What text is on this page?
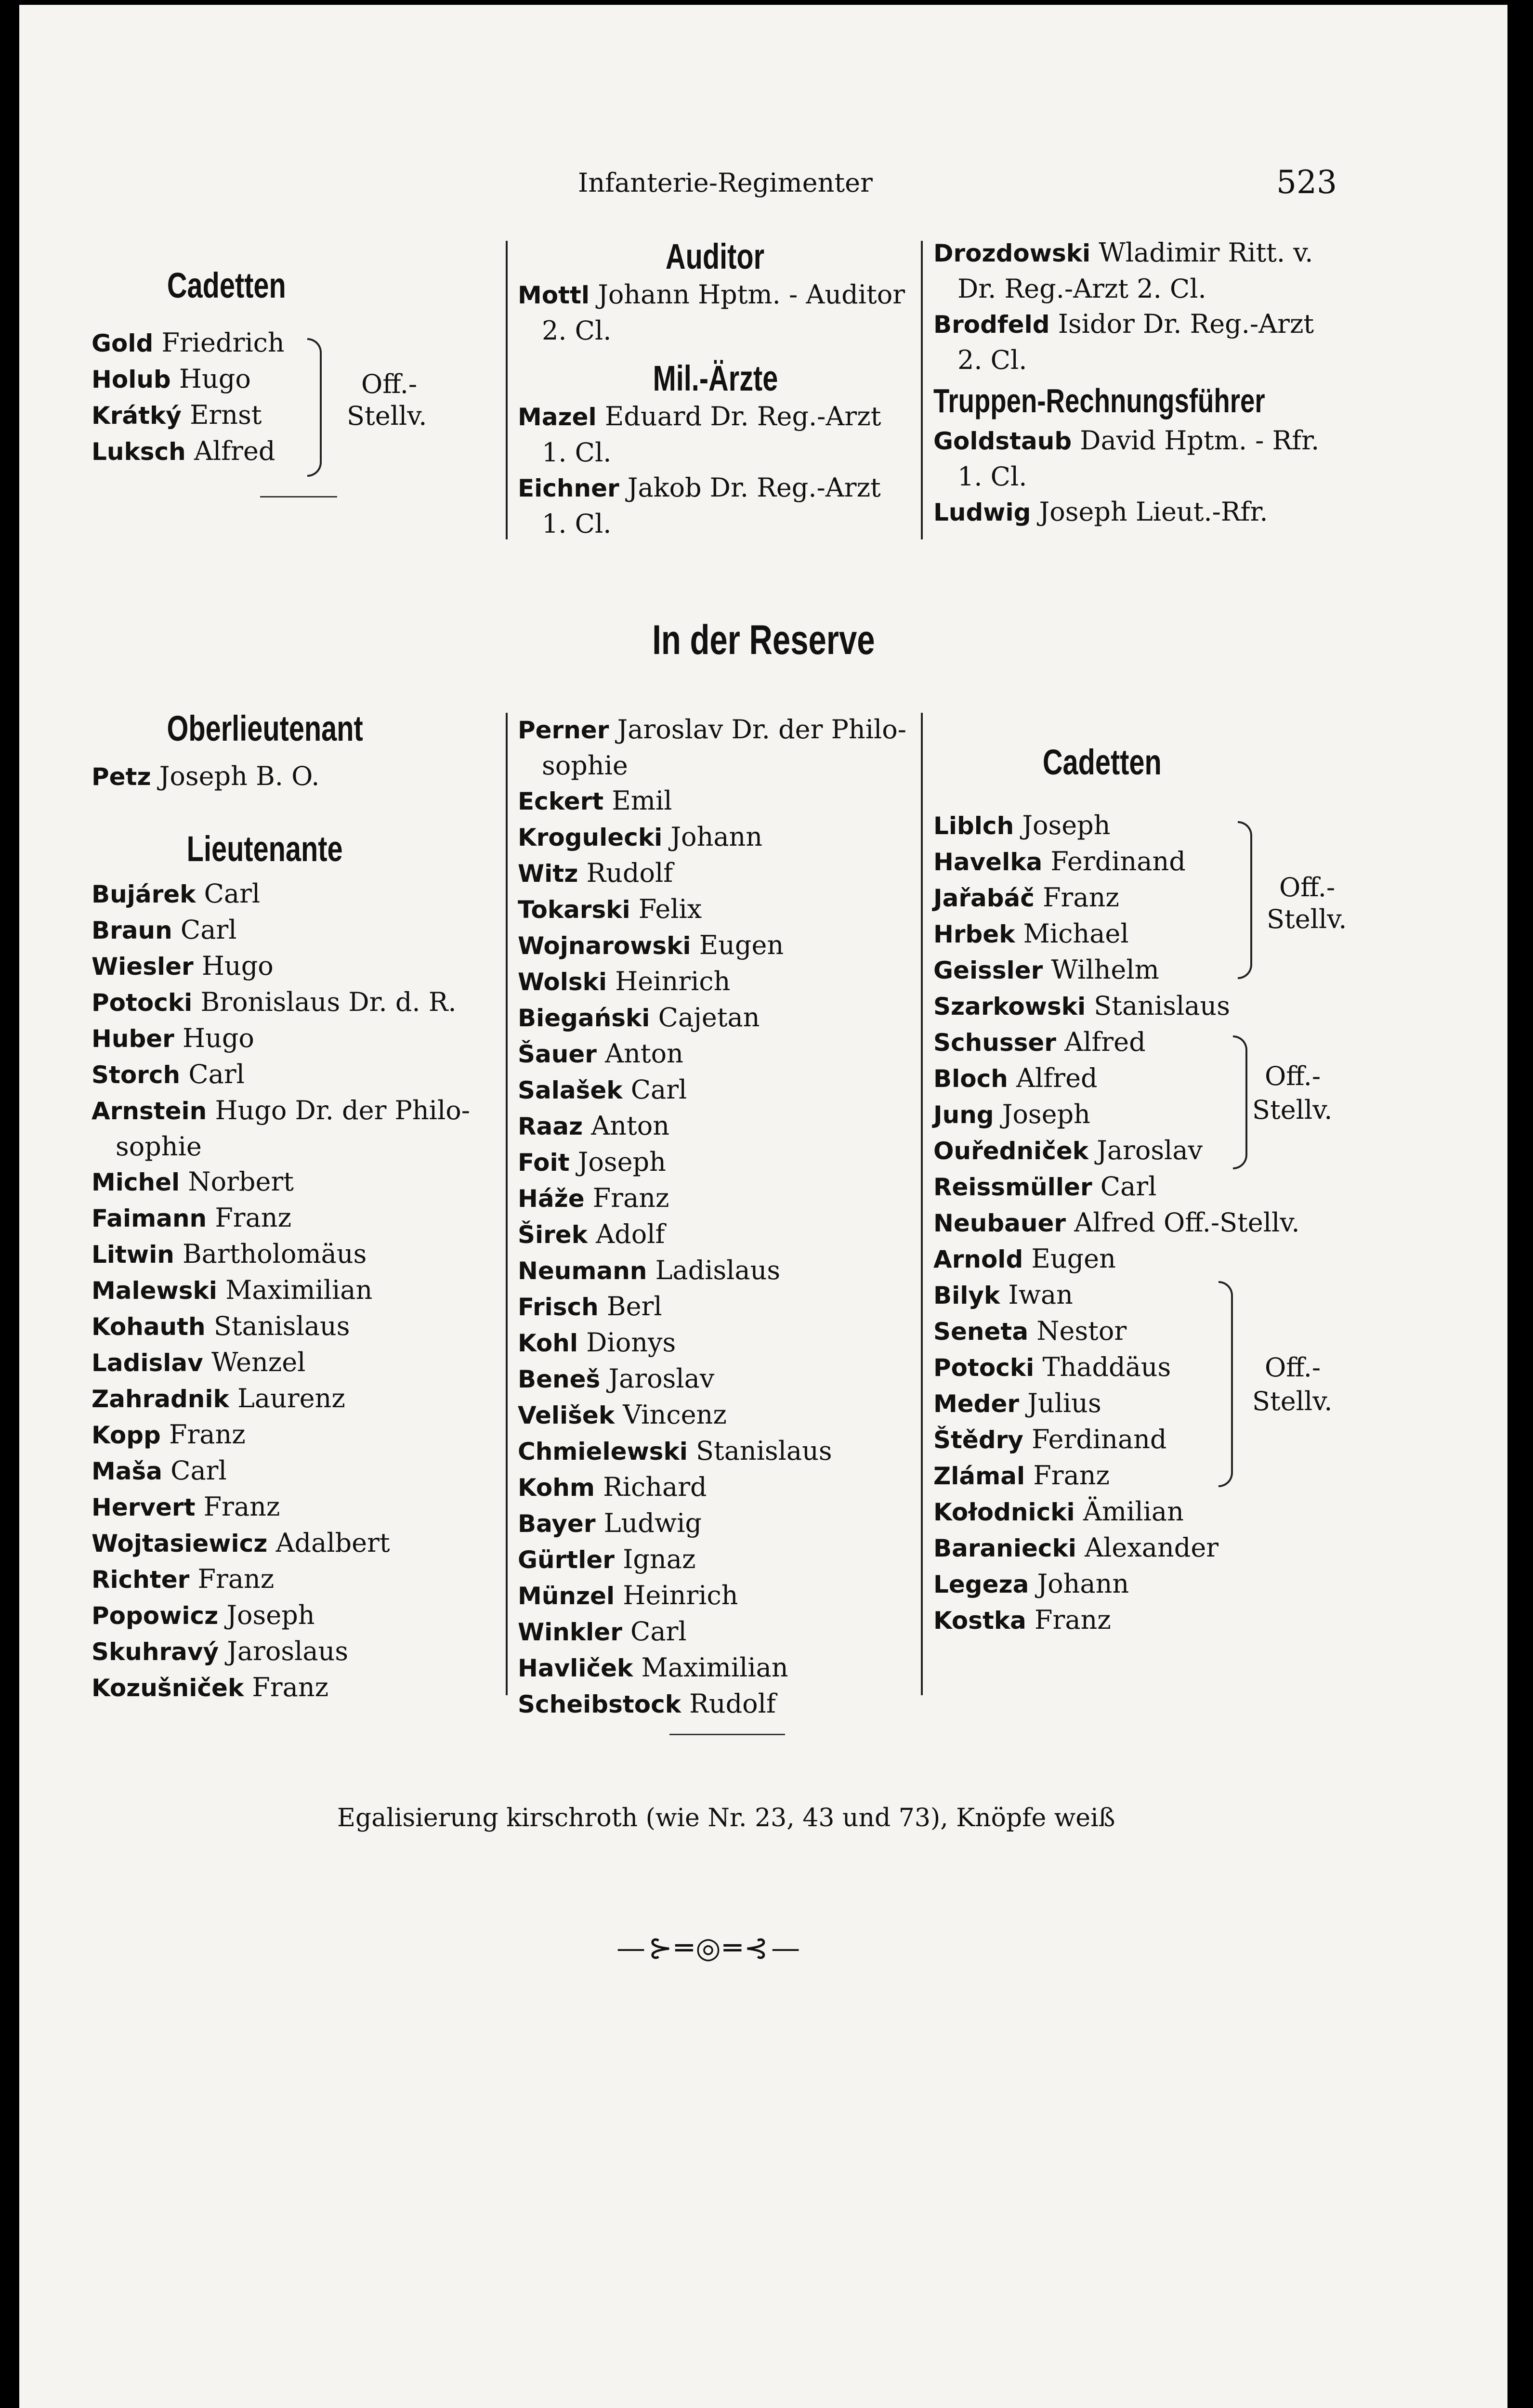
Infanterie-Regimenter	523
Cadetten
Gold Friedrich
Holub Hugo
Krátký Ernst
Luksch Alfred
Off.-
Stellv.
Auditor
Mottl Johann Hptm. - Auditor
2. Cl.
Mil.-Ärzte
Mazel Eduard Dr. Reg.-Arzt
1. Cl.
Eichner Jakob Dr. Reg.-Arzt
1. Cl.
Drozdowski Wladimir Ritt. v.
Dr. Reg.-Arzt 2. Cl.
Brodfeld Isidor Dr. Reg.-Arzt
2. Cl.
Truppen-Rechnungsführer
Goldstaub David Hptm. - Rfr.
1. Cl.
Ludwig Joseph Lieut.-Rfr.
In der Reserve
Oberlieutenant
Petz Joseph B. O.
Lieutenante
Bujárek Carl
Braun Carl
Wiesler Hugo
Potocki Bronislaus Dr. d. R.
Huber Hugo
Storch Carl
Arnstein Hugo Dr. der Philo-
sophie
Michel Norbert
Faimann Franz
Litwin Bartholomäus
Malewski Maximilian
Kohauth Stanislaus
Ladislav Wenzel
Zahradnik Laurenz
Kopp Franz
Maša Carl
Hervert Franz
Wojtasiewicz Adalbert
Richter Franz
Popowicz Joseph
Skuhravý Jaroslaus
Kozušniček Franz
Perner Jaroslav Dr. der Philo-
sophie
Eckert Emil
Krogulecki Johann
Witz Rudolf
Tokarski Felix
Wojnarowski Eugen
Wolski Heinrich
Biegański Cajetan
Šauer Anton
Salašek Carl
Raaz Anton
Foit Joseph
Háže Franz
Širek Adolf
Neumann Ladislaus
Frisch Berl
Kohl Dionys
Beneš Jaroslav
Velišek Vincenz
Chmielewski Stanislaus
Kohm Richard
Bayer Ludwig
Gürtler Ignaz
Münzel Heinrich
Winkler Carl
Havliček Maximilian
Scheibstock Rudolf
Cadetten
Liblch Joseph
Havelka Ferdinand
Jařabáč Franz
Hrbek Michael
Geissler Wilhelm
Szarkowski Stanislaus
Schusser Alfred
Bloch Alfred
Jung Joseph
Ouředniček Jaroslav
Reissmüller Carl
Neubauer Alfred Off.-Stellv.
Arnold Eugen
Bilyk Iwan
Seneta Nestor
Potocki Thaddäus
Meder Julius
Štědry Ferdinand
Zlámal Franz
Kołodnicki Ämilian
Baraniecki Alexander
Legeza Johann
Kostka Franz
Off.-
Stellv.
Off.-
Stellv.
Off.-
Stellv.
Egalisierung kirschroth (wie Nr. 23, 43 und 73), Knöpfe weiß
—⊱═◎═⊰—
